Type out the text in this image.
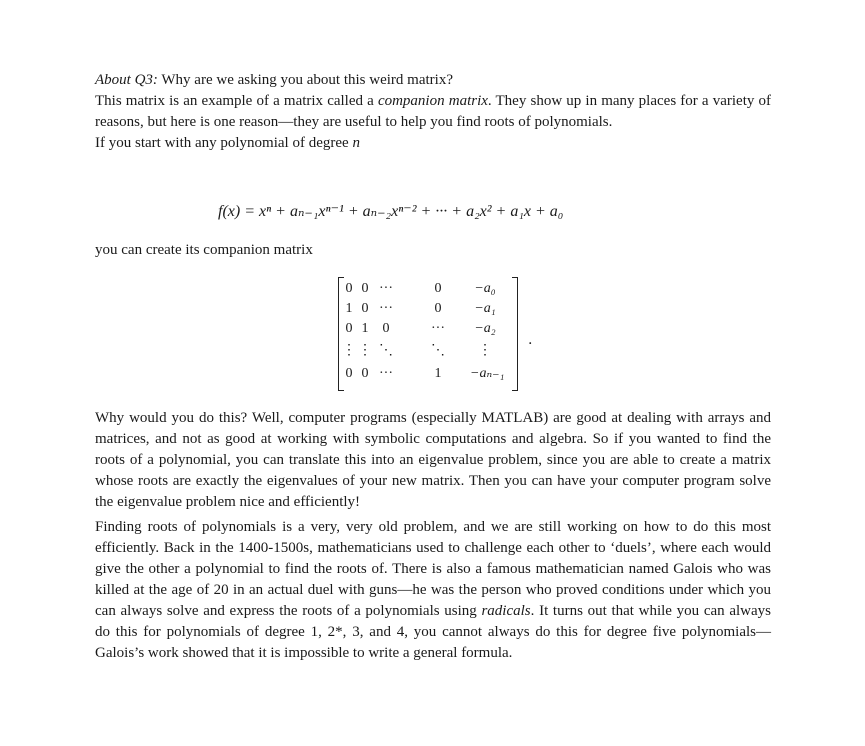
About Q3: Why are we asking you about this weird matrix?

This matrix is an example of a matrix called a companion matrix. They show up in many places for a variety of reasons, but here is one reason—they are useful to help you find roots of polynomials.

If you start with any polynomial of degree n

f(x) = xⁿ + aₙ₋₁xⁿ⁻¹ + aₙ₋₂xⁿ⁻² + ··· + a₂x² + a₁x + a₀

you can create its companion matrix

0 0 ···	0	−a₀
1 0 ···	0	−a₁
0 1	0	···	−a₂
⋮ ⋮ ⋱	⋱	⋮
0 0 ···	1	−aₙ₋₁
.

Why would you do this? Well, computer programs (especially MATLAB) are good at dealing with arrays and matrices, and not as good at working with symbolic computations and algebra. So if you wanted to find the roots of a polynomial, you can translate this into an eigenvalue problem, since you are able to create a matrix whose roots are exactly the eigenvalues of your new matrix. Then you can have your computer program solve the eigenvalue problem nice and efficiently!

Finding roots of polynomials is a very, very old problem, and we are still working on how to do this most efficiently. Back in the 1400-1500s, mathematicians used to challenge each other to ‘duels’, where each would give the other a polynomial to find the roots of. There is also a famous mathematician named Galois who was killed at the age of 20 in an actual duel with guns—he was the person who proved conditions under which you can always solve and express the roots of a polynomials using radicals. It turns out that while you can always do this for polynomials of degree 1, 2*, 3, and 4, you cannot always do this for degree five polynomials—Galois’s work showed that it is impossible to write a general formula.
